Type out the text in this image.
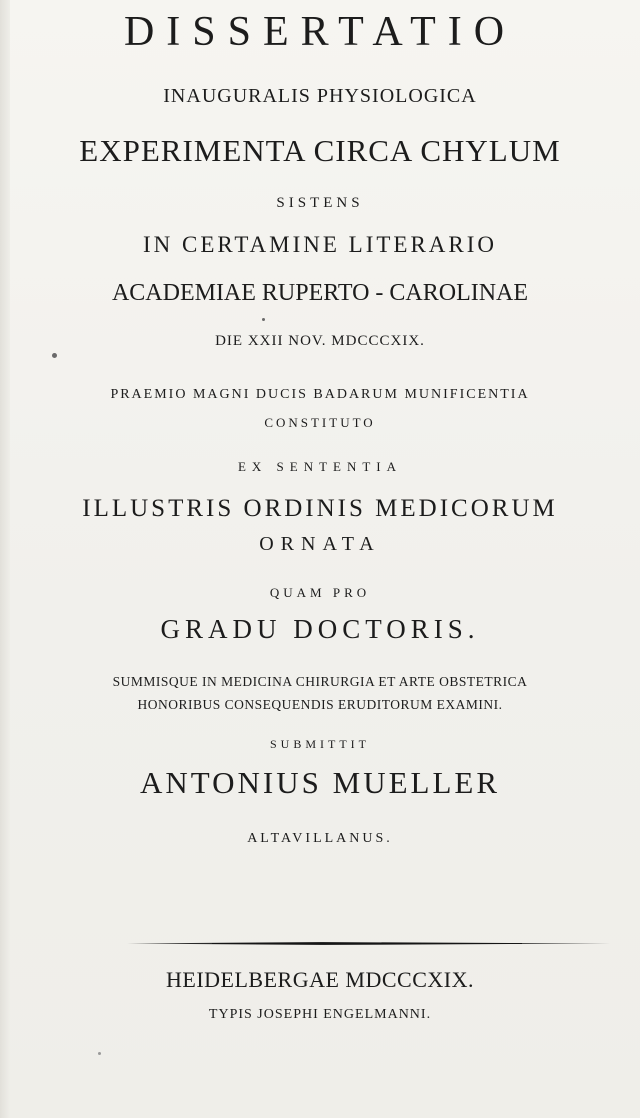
DISSERTATIO

INAUGURALIS PHYSIOLOGICA

EXPERIMENTA CIRCA CHYLUM

SISTENS

IN CERTAMINE LITERARIO

ACADEMIAE RUPERTO - CAROLINAE

DIE XXII NOV. MDCCCXIX.

PRAEMIO MAGNI DUCIS BADARUM MUNIFICENTIA

CONSTITUTO

EX SENTENTIA

ILLUSTRIS ORDINIS MEDICORUM

ORNATA

QUAM PRO

GRADU DOCTORIS.

SUMMISQUE IN MEDICINA CHIRURGIA ET ARTE OBSTETRICA

HONORIBUS CONSEQUENDIS ERUDITORUM EXAMINI.

SUBMITTIT

ANTONIUS MUELLER

ALTAVILLANUS.

HEIDELBERGAE MDCCCXIX.

TYPIS JOSEPHI ENGELMANNI.
